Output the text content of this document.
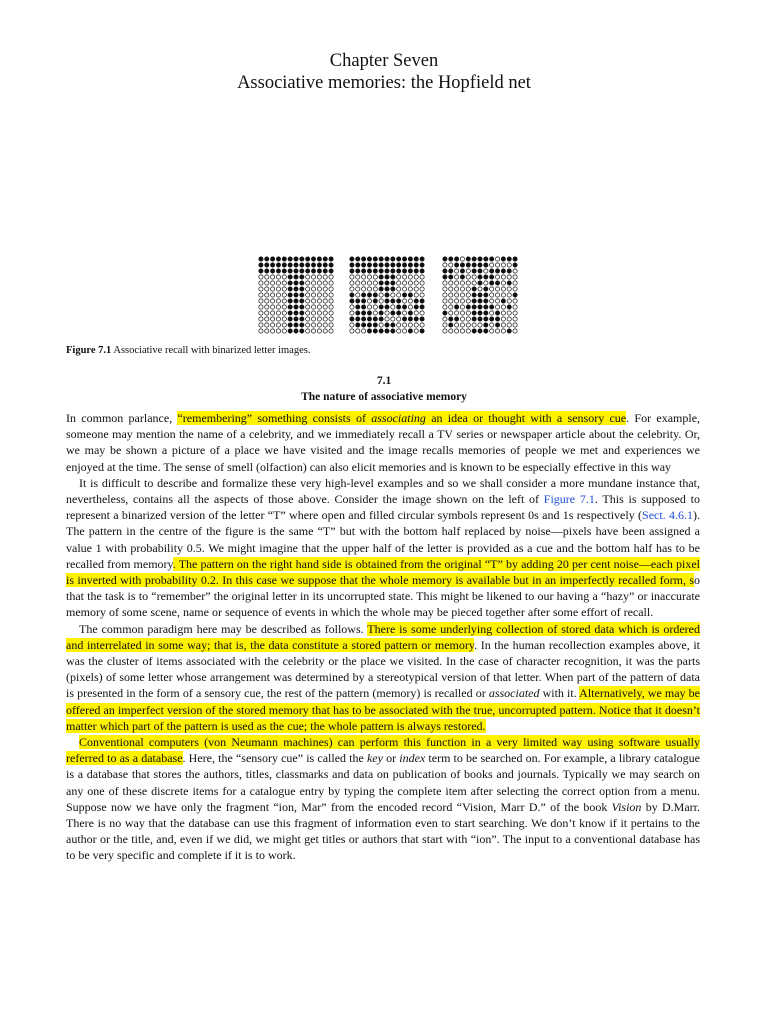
Chapter Seven
Associative memories: the Hopfield net
Figure 7.1 Associative recall with binarized letter images.
7.1
The nature of associative memory

In common parlance, “remembering” something consists of associating an idea or thought with a sensory cue. For example, someone may mention the name of a celebrity, and we immediately recall a TV series or newspaper article about the celebrity. Or, we may be shown a picture of a place we have visited and the image recalls memories of people we met and experiences we enjoyed at the time. The sense of smell (olfaction) can also elicit memories and is known to be especially effective in this way

It is difficult to describe and formalize these very high-level examples and so we shall consider a more mundane instance that, nevertheless, contains all the aspects of those above. Consider the image shown on the left of Figure 7.1. This is supposed to represent a binarized version of the letter “T” where open and filled circular symbols represent 0s and 1s respectively (Sect. 4.6.1). The pattern in the centre of the figure is the same “T” but with the bottom half replaced by noise—pixels have been assigned a value 1 with probability 0.5. We might imagine that the upper half of the letter is provided as a cue and the bottom half has to be recalled from memory. The pattern on the right hand side is obtained from the original “T” by adding 20 per cent noise—each pixel is inverted with probability 0.2. In this case we suppose that the whole memory is available but in an imperfectly recalled form, so that the task is to “remember” the original letter in its uncorrupted state. This might be likened to our having a “hazy” or inaccurate memory of some scene, name or sequence of events in which the whole may be pieced together after some effort of recall.

The common paradigm here may be described as follows. There is some underlying collection of stored data which is ordered and interrelated in some way; that is, the data constitute a stored pattern or memory. In the human recollection examples above, it was the cluster of items associated with the celebrity or the place we visited. In the case of character recognition, it was the parts (pixels) of some letter whose arrangement was determined by a stereotypical version of that letter. When part of the pattern of data is presented in the form of a sensory cue, the rest of the pattern (memory) is recalled or associated with it. Alternatively, we may be offered an imperfect version of the stored memory that has to be associated with the true, uncorrupted pattern. Notice that it doesn’t matter which part of the pattern is used as the cue; the whole pattern is always restored.

Conventional computers (von Neumann machines) can perform this function in a very limited way using software usually referred to as a database. Here, the “sensory cue” is called the key or index term to be searched on. For example, a library catalogue is a database that stores the authors, titles, classmarks and data on publication of books and journals. Typically we may search on any one of these discrete items for a catalogue entry by typing the complete item after selecting the correct option from a menu. Suppose now we have only the fragment “ion, Mar” from the encoded record “Vision, Marr D.” of the book Vision by D.Marr. There is no way that the database can use this fragment of information even to start searching. We don’t know if it pertains to the author or the title, and, even if we did, we might get titles or authors that start with “ion”. The input to a conventional database has to be very specific and complete if it is to work.
